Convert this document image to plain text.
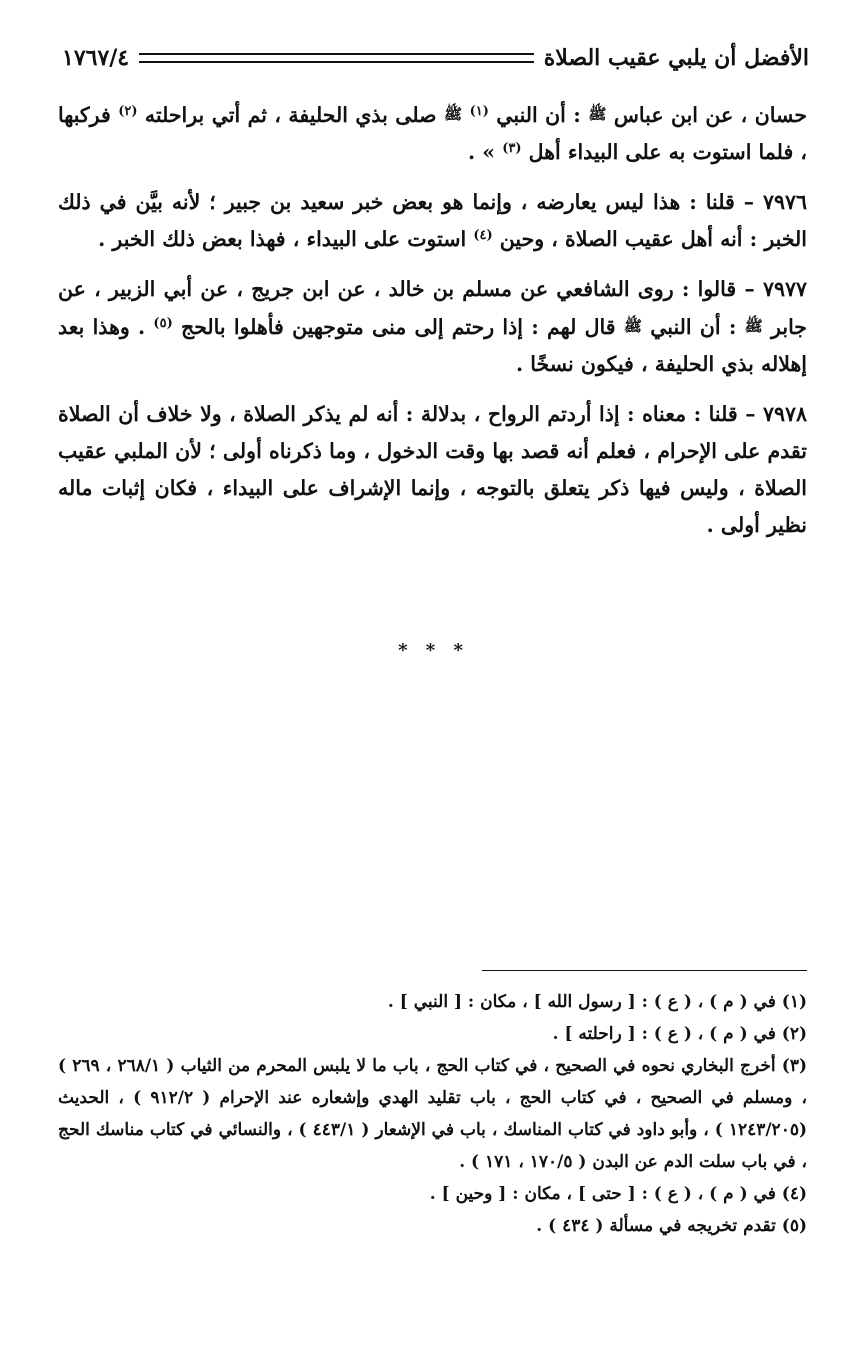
الأفضل أن يلبي عقيب الصلاة
١٧٦٧/٤

حسان ، عن ابن عباس ﷺ : أن النبي $^{(١)}$ ﷺ صلى بذي الحليفة ، ثم أتي براحلته $^{(٢)}$ فركبها ، فلما استوت به على البيداء أهل $^{(٣)}$ » .

٧٩٧٦ – قلنا : هذا ليس يعارضه ، وإنما هو بعض خبر سعيد بن جبير ؛ لأنه بيَّن في ذلك الخبر : أنه أهل عقيب الصلاة ، وحين $^{(٤)}$ استوت على البيداء ، فهذا بعض ذلك الخبر .

٧٩٧٧ – قالوا : روى الشافعي عن مسلم بن خالد ، عن ابن جريج ، عن أبي الزبير ، عن جابر ﷺ : أن النبي ﷺ قال لهم : إذا رحتم إلى منى متوجهين فأهلوا بالحج $^{(٥)}$ . وهذا بعد إهلاله بذي الحليفة ، فيكون نسخًا .

٧٩٧٨ – قلنا : معناه : إذا أردتم الرواح ، بدلالة : أنه لم يذكر الصلاة ، ولا خلاف أن الصلاة تقدم على الإحرام ، فعلم أنه قصد بها وقت الدخول ، وما ذكرناه أولى ؛ لأن الملبي عقيب الصلاة ، وليس فيها ذكر يتعلق بالتوجه ، وإنما الإشراف على البيداء ، فكان إثبات ماله نظير أولى .

* * *

(١) في ( م ) ، ( ع ) : [ رسول الله ] ، مكان : [ النبي ] .

(٢) في ( م ) ، ( ع ) : [ راحلته ] .

(٣) أخرج البخاري نحوه في الصحيح ، في كتاب الحج ، باب ما لا يلبس المحرم من الثياب ( ٢٦٨/١ ، ٢٦٩ ) ، ومسلم في الصحيح ، في كتاب الحج ، باب تقليد الهدي وإشعاره عند الإحرام ( ٩١٢/٢ ) ، الحديث (١٢٤٣/٢٠٥ ) ، وأبو داود في كتاب المناسك ، باب في الإشعار ( ٤٤٣/١ ) ، والنسائي في كتاب مناسك الحج ، في باب سلت الدم عن البدن ( ١٧٠/٥ ، ١٧١ ) .

(٤) في ( م ) ، ( ع ) : [ حتى ] ، مكان : [ وحين ] .

(٥) تقدم تخريجه في مسألة ( ٤٣٤ ) .
